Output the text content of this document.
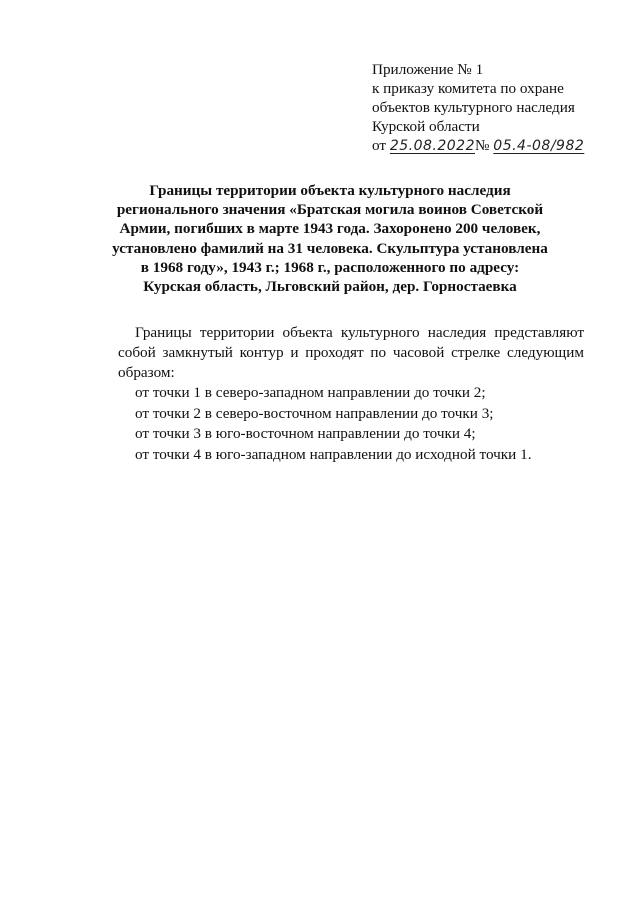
Приложение № 1
к приказу комитета по охране
объектов культурного наследия
Курской области
от 25.08.2022№ 05.4-08/982
Границы территории объекта культурного наследия
регионального значения «Братская могила воинов Советской
Армии, погибших в марте 1943 года. Захоронено 200 человек,
установлено фамилий на 31 человека. Скульптура установлена
в 1968 году», 1943 г.; 1968 г., расположенного по адресу:
Курская область, Льговский район, дер. Горностаевка

Границы территории объекта культурного наследия представляют собой замкнутый контур и проходят по часовой стрелке следующим образом:

от точки 1 в северо-западном направлении до точки 2;

от точки 2 в северо-восточном направлении до точки 3;

от точки 3 в юго-восточном направлении до точки 4;

от точки 4 в юго-западном направлении до исходной точки 1.
